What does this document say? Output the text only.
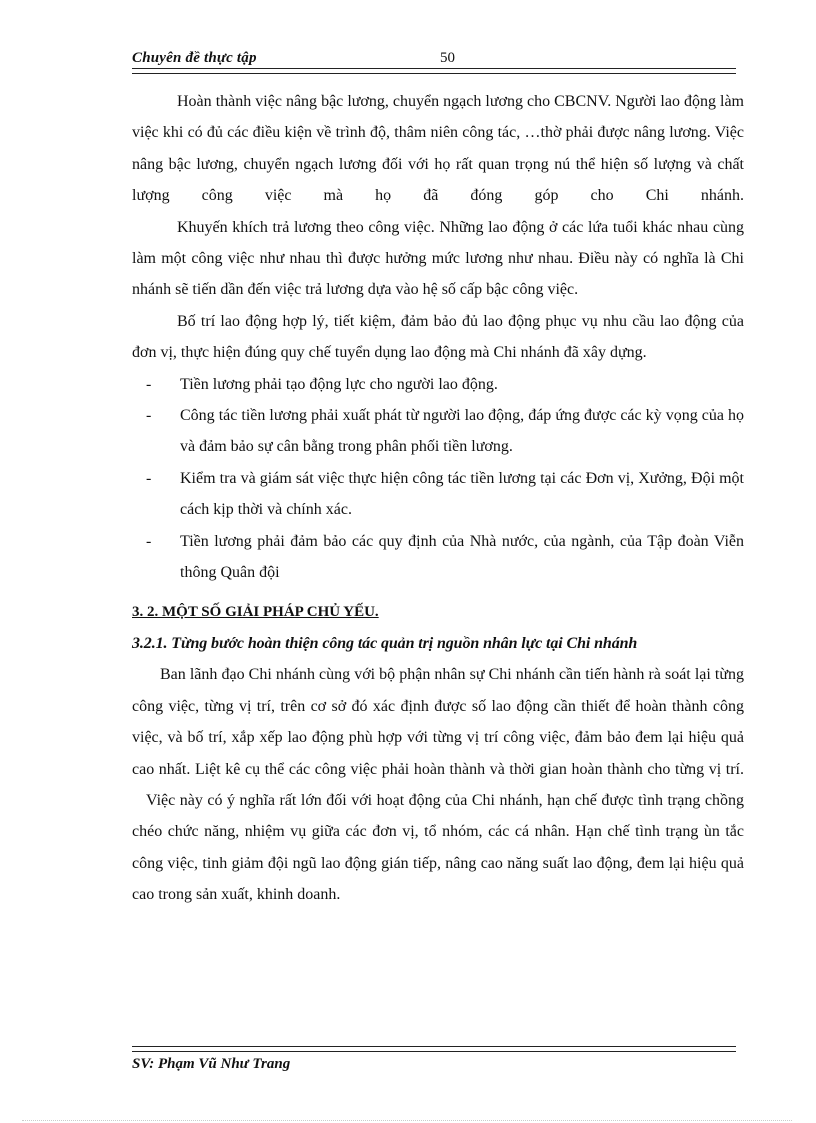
Chuyên đề thực tập	50

Hoàn thành việc nâng bậc lương, chuyển ngạch lương cho CBCNV. Người lao động làm việc khi có đủ các điều kiện về trình độ, thâm niên công tác, …thờ phải được nâng lương. Việc nâng bậc lương, chuyển ngạch lương đối với họ rất quan trọng nú thể hiện số lượng và chất lượng công việc mà họ đã đóng góp cho Chi nhánh.

Khuyến khích trả lương theo công việc. Những lao động ở các lứa tuổi khác nhau cùng làm một công việc như nhau thì được hưởng mức lương như nhau. Điều này có nghĩa là Chi nhánh sẽ tiến dần đến việc trả lương dựa vào hệ số cấp bậc công việc.

Bố trí lao động hợp lý, tiết kiệm, đảm bảo đủ lao động phục vụ nhu cầu lao động của đơn vị, thực hiện đúng quy chế tuyển dụng lao động mà Chi nhánh đã xây dựng.

- Tiền lương phải tạo động lực cho người lao động.

- Công tác tiền lương phải xuất phát từ người lao động, đáp ứng được các kỳ vọng của họ và đảm bảo sự cân bằng trong phân phối tiền lương.

- Kiểm tra và giám sát việc thực hiện công tác tiền lương tại các Đơn vị, Xưởng, Đội một cách kịp thời và chính xác.

- Tiền lương phải đảm bảo các quy định của Nhà nước, của ngành, của Tập đoàn Viễn thông Quân đội

3. 2. MỘT SỐ GIẢI PHÁP CHỦ YẾU.

3.2.1. Từng bước hoàn thiện công tác quản trị nguồn nhân lực tại Chi nhánh

Ban lãnh đạo Chi nhánh cùng với bộ phận nhân sự Chi nhánh cần tiến hành rà soát lại từng công việc, từng vị trí, trên cơ sở đó xác định được số lao động cần thiết để hoàn thành công việc, và bố trí, xắp xếp lao động phù hợp với từng vị trí công việc, đảm bảo đem lại hiệu quả cao nhất. Liệt kê cụ thể các công việc phải hoàn thành và thời gian hoàn thành cho từng vị trí.

Việc này có ý nghĩa rất lớn đối với hoạt động của Chi nhánh, hạn chế được tình trạng chồng chéo chức năng, nhiệm vụ giữa các đơn vị, tổ nhóm, các cá nhân. Hạn chế tình trạng ùn tắc công việc, tinh giảm đội ngũ lao động gián tiếp, nâng cao năng suất lao động, đem lại hiệu quả cao trong sản xuất, khinh doanh.

SV: Phạm Vũ Như Trang
